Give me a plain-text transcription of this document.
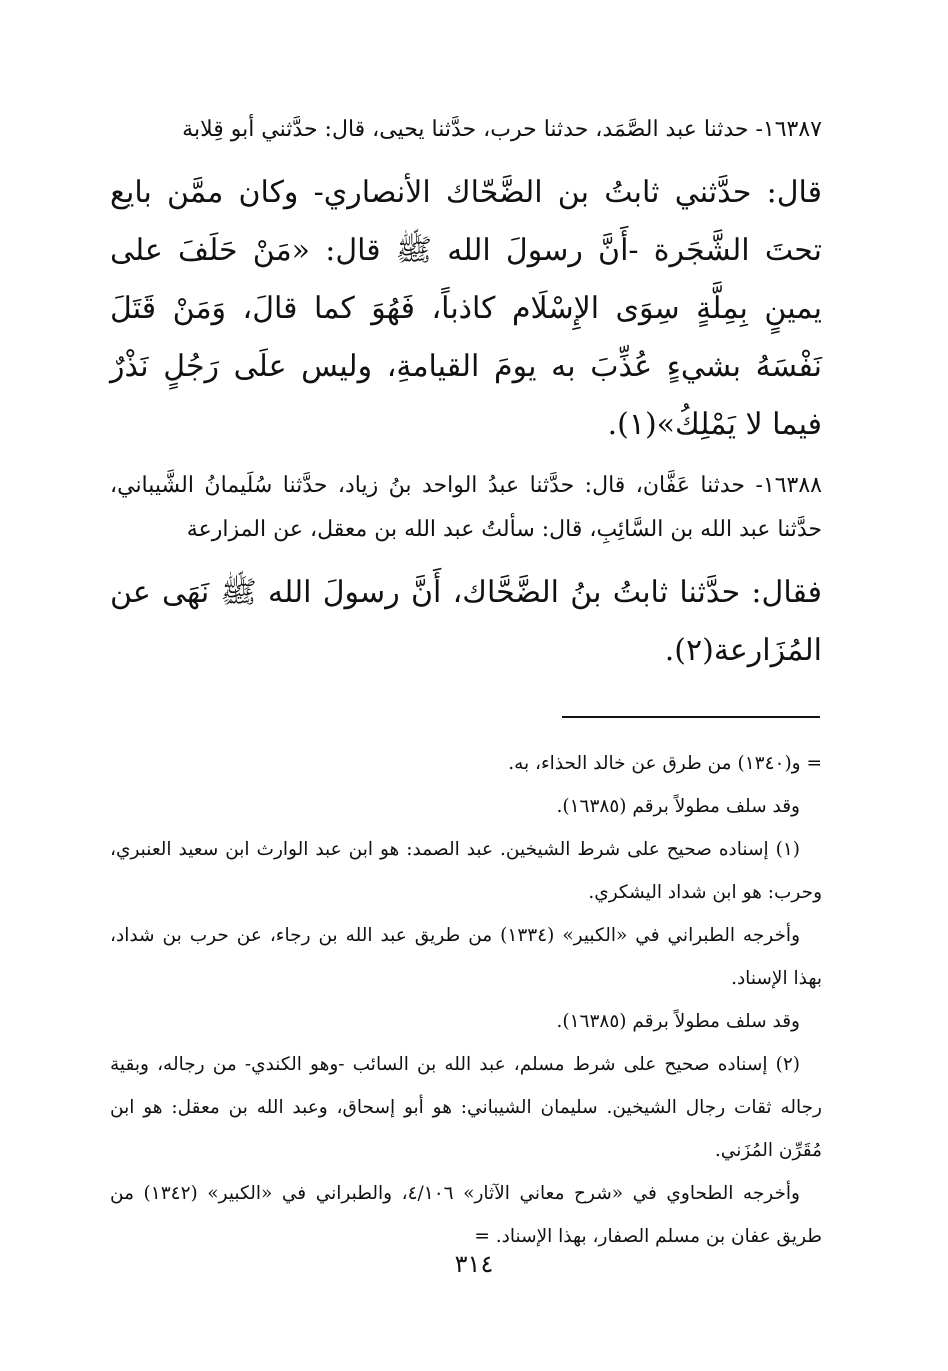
١٦٣٨٧- حدثنا عبد الصَّمَد، حدثنا حرب، حدَّثنا يحيى، قال: حدَّثني أبو قِلابة

قال: حدَّثني ثابتُ بن الضَّحّاك الأنصاري- وكان ممَّن بايع تحتَ الشَّجَرة -أَنَّ رسولَ الله ﷺ قال: «مَنْ حَلَفَ على يمينٍ بِمِلَّةٍ سِوَى الإِسْلَام كاذباً، فَهُوَ كما قالَ، وَمَنْ قَتَلَ نَفْسَهُ بشيءٍ عُذِّبَ به يومَ القيامةِ، وليس علَى رَجُلٍ نَذْرٌ فيما لا يَمْلِكُ»(١).

١٦٣٨٨- حدثنا عَفَّان، قال: حدَّثنا عبدُ الواحد بنُ زياد، حدَّثنا سُلَيمانُ الشَّيباني، حدَّثنا عبد الله بن السَّائِبِ، قال: سألتُ عبد الله بن معقل، عن المزارعة

فقال: حدَّثنا ثابتُ بنُ الضَّحَّاك، أَنَّ رسولَ الله ﷺ نَهَى عن المُزَارعة(٢).

= و(١٣٤٠) من طرق عن خالد الحذاء، به.

وقد سلف مطولاً برقم (١٦٣٨٥).

(١) إسناده صحيح على شرط الشيخين. عبد الصمد: هو ابن عبد الوارث ابن سعيد العنبري، وحرب: هو ابن شداد اليشكري.

وأخرجه الطبراني في «الكبير» (١٣٣٤) من طريق عبد الله بن رجاء، عن حرب بن شداد، بهذا الإسناد.

وقد سلف مطولاً برقم (١٦٣٨٥).

(٢) إسناده صحيح على شرط مسلم، عبد الله بن السائب -وهو الكندي- من رجاله، وبقية رجاله ثقات رجال الشيخين. سليمان الشيباني: هو أبو إسحاق، وعبد الله بن معقل: هو ابن مُقَرِّن المُزَني.

وأخرجه الطحاوي في «شرح معاني الآثار» ٤/١٠٦، والطبراني في «الكبير» (١٣٤٢) من طريق عفان بن مسلم الصفار، بهذا الإسناد. =

٣١٤
